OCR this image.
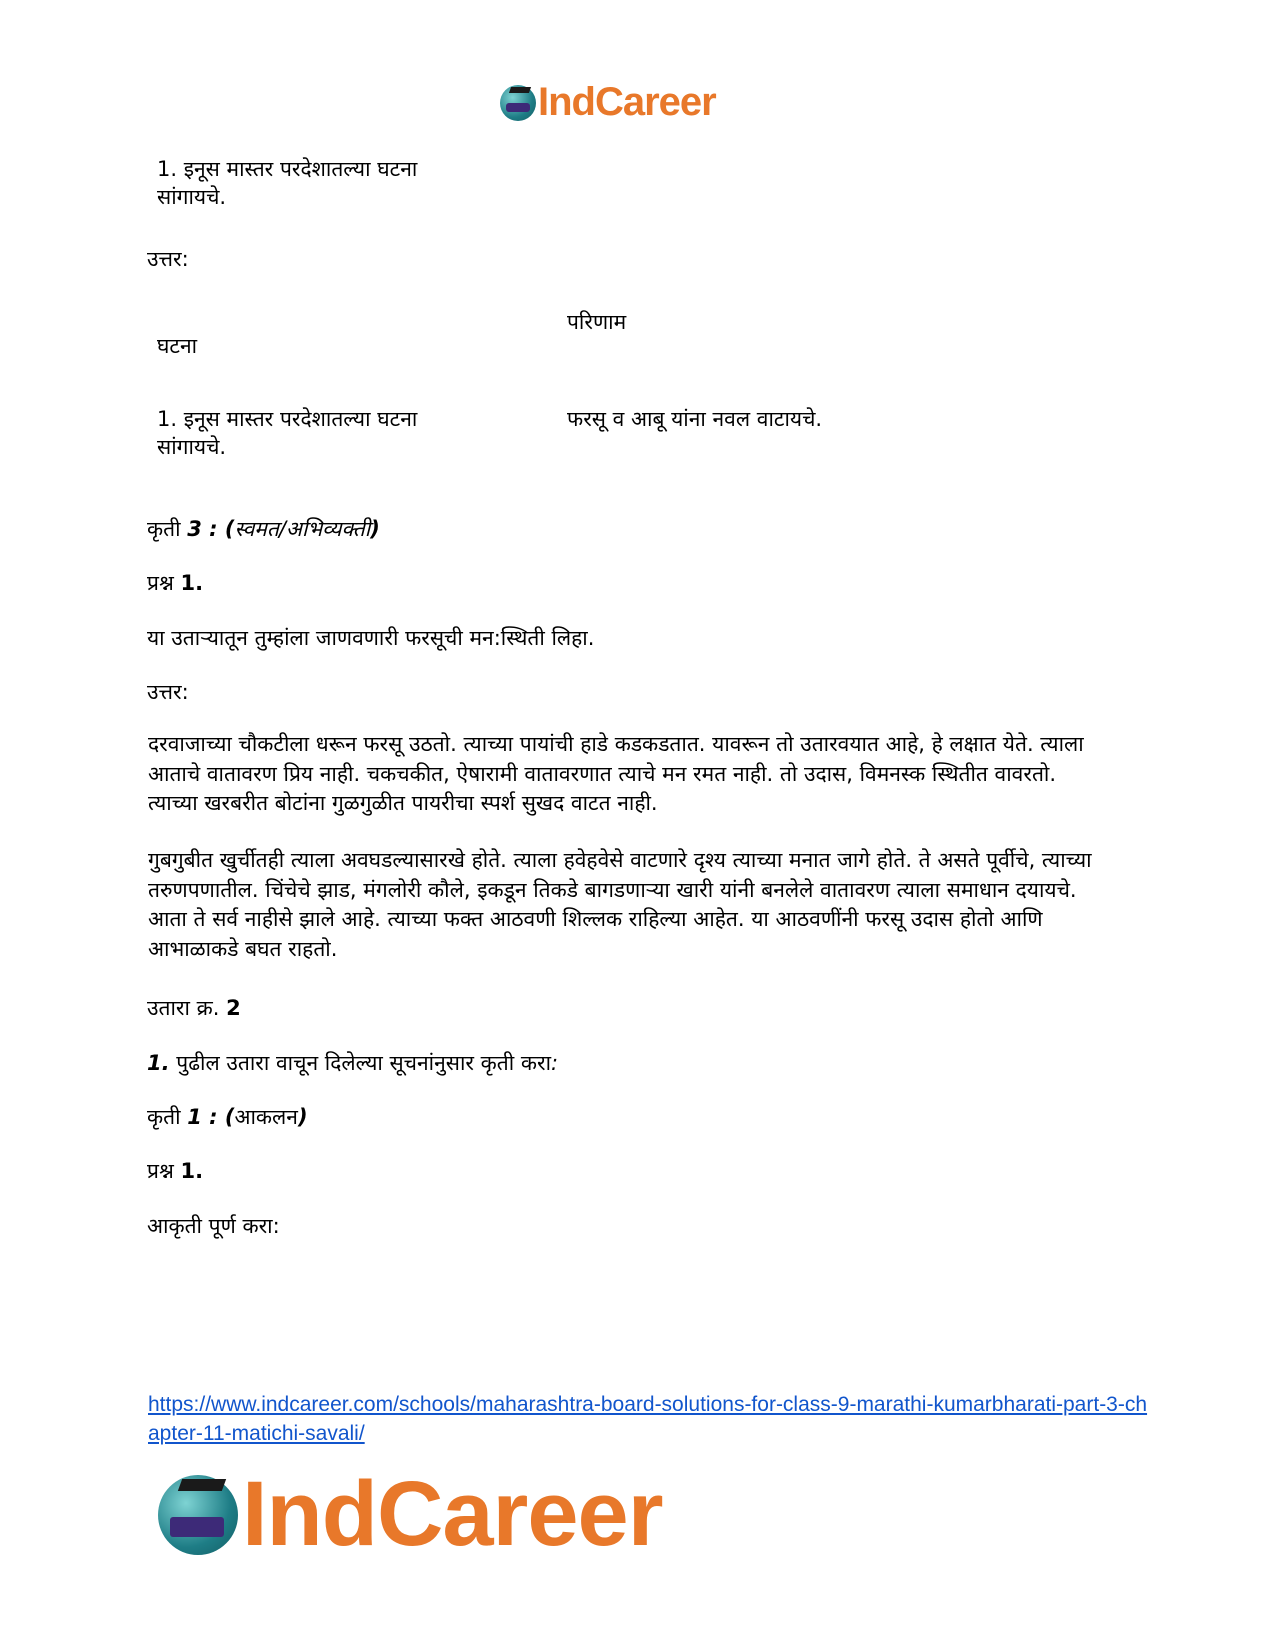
IndCareer
1. इनूस मास्तर परदेशातल्या घटना
सांगायचे.
उत्तर:
परिणाम
घटना
1. इनूस मास्तर परदेशातल्या घटना
सांगायचे.
फरसू व आबू यांना नवल वाटायचे.
कृती 3 : (स्वमत/अभिव्यक्ती)
प्रश्न 1.
या उताऱ्यातून तुम्हांला जाणवणारी फरसूची मन:स्थिती लिहा.
उत्तर:
दरवाजाच्या चौकटीला धरून फरसू उठतो. त्याच्या पायांची हाडे कडकडतात. यावरून तो उतारवयात आहे, हे लक्षात येते. त्याला आताचे वातावरण प्रिय नाही. चकचकीत, ऐषारामी वातावरणात त्याचे मन रमत नाही. तो उदास, विमनस्क स्थितीत वावरतो. त्याच्या खरबरीत बोटांना गुळगुळीत पायरीचा स्पर्श सुखद वाटत नाही.
गुबगुबीत खुर्चीतही त्याला अवघडल्यासारखे होते. त्याला हवेहवेसे वाटणारे दृश्य त्याच्या मनात जागे होते. ते असते पूर्वीचे, त्याच्या तरुणपणातील. चिंचेचे झाड, मंगलोरी कौले, इकडून तिकडे बागडणाऱ्या खारी यांनी बनलेले वातावरण त्याला समाधान दयायचे. आता ते सर्व नाहीसे झाले आहे. त्याच्या फक्त आठवणी शिल्लक राहिल्या आहेत. या आठवणींनी फरसू उदास होतो आणि आभाळाकडे बघत राहतो.
उतारा क्र. 2
1. पुढील उतारा वाचून दिलेल्या सूचनांनुसार कृती करा:
कृती 1 : (आकलन)
प्रश्न 1.
आकृती पूर्ण करा:
https://www.indcareer.com/schools/maharashtra-board-solutions-for-class-9-marathi-kumarbharati-part-3-chapter-11-matichi-savali/
IndCareer
